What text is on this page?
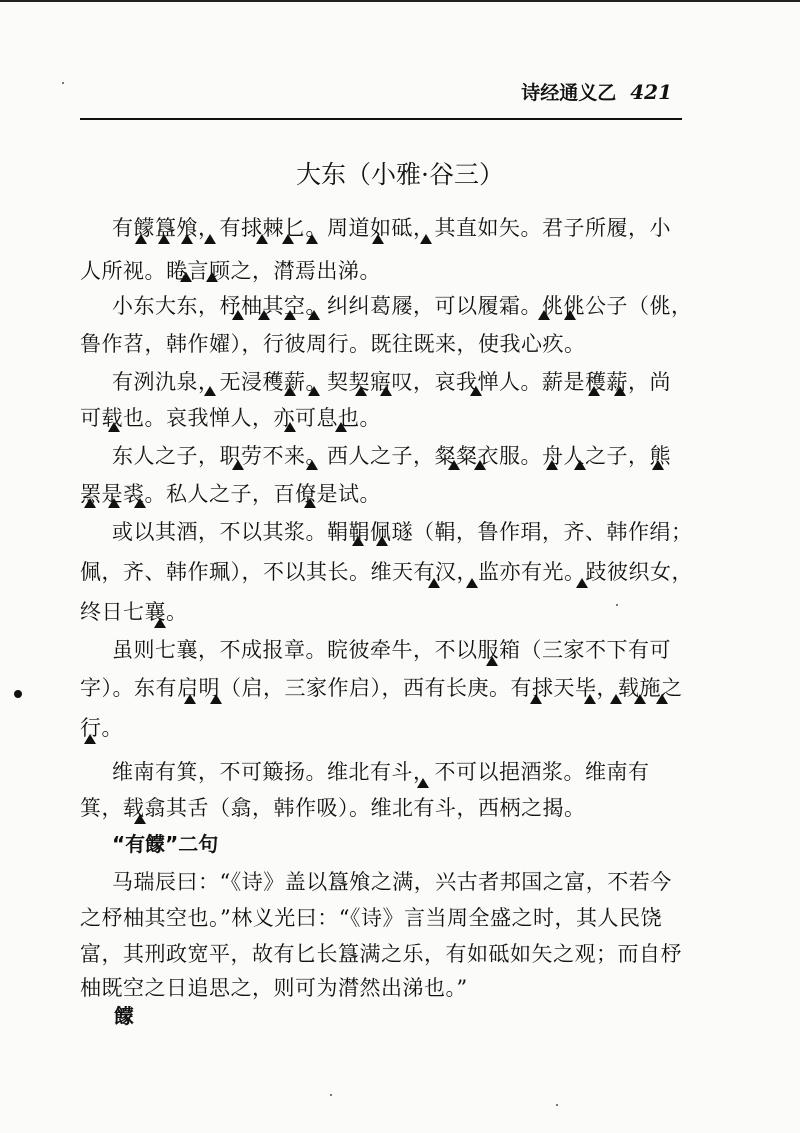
诗经通义乙 421
大东（小雅·谷三）
有饛簋飧，有捄棘匕。周道如砥，其直如矢。君子所履，小
人所视。睠言顾之，潸焉出涕。
小东大东，杼柚其空。纠纠葛屦，可以履霜。佻佻公子（佻，
鲁作苕，韩作嬥），行彼周行。既往既来，使我心疚。
有洌氿泉，无浸穫薪。契契寤叹，哀我惮人。薪是穫薪，尚
可载也。哀我惮人，亦可息也。
东人之子，职劳不来。西人之子，粲粲衣服。舟人之子，熊
罴是裘。私人之子，百僚是试。
或以其酒，不以其浆。鞙鞙佩璲（鞙，鲁作琄，齐、韩作绢；
佩，齐、韩作珮），不以其长。维天有汉，监亦有光。跂彼织女，
终日七襄。
虽则七襄，不成报章。睆彼牵牛，不以服箱（三家不下有可
字）。东有启明（启，三家作启），西有长庚。有捄天毕，载施之
行。
维南有箕，不可簸扬。维北有斗，不可以挹酒浆。维南有
箕，载翕其舌（翕，韩作吸）。维北有斗，西柄之揭。
“有饛”二句
马瑞辰曰：“《诗》盖以簋飧之满，兴古者邦国之富，不若今
之杼柚其空也。”林义光曰：“《诗》言当周全盛之时，其人民饶
富，其刑政宽平，故有匕长簋满之乐，有如砥如矢之观；而自杼
柚既空之日追思之，则可为潸然出涕也。”
饛
